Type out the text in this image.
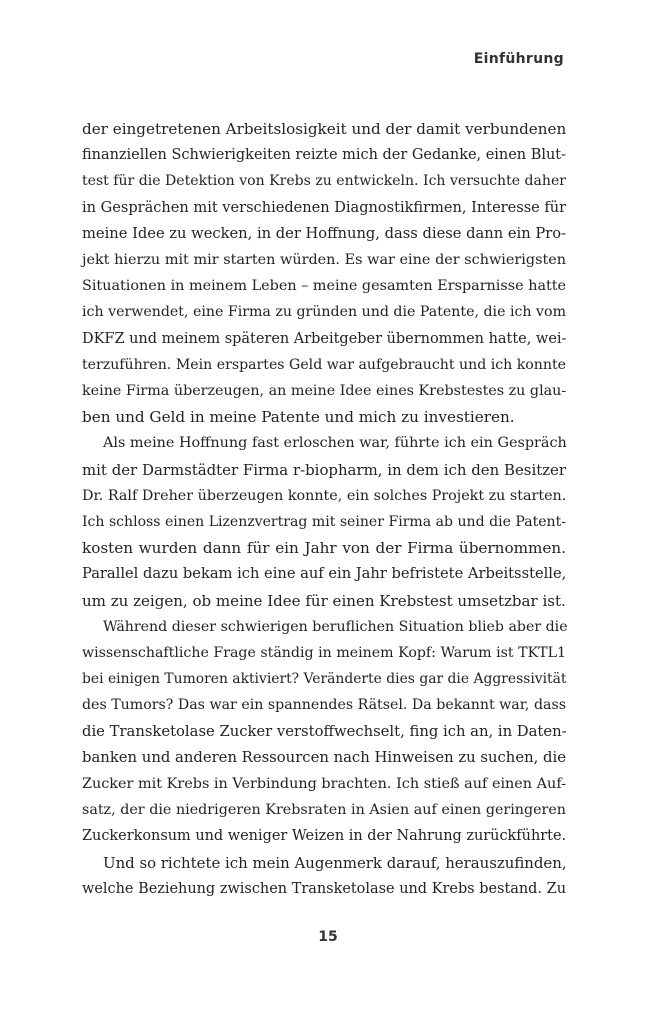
Einführung
der eingetretenen Arbeitslosigkeit und der damit verbundenen
finanziellen Schwierigkeiten reizte mich der Gedanke, einen Blut-
test für die Detektion von Krebs zu entwickeln. Ich versuchte daher
in Gesprächen mit verschiedenen Diagnostikfirmen, Interesse für
meine Idee zu wecken, in der Hoffnung, dass diese dann ein Pro-
jekt hierzu mit mir starten würden. Es war eine der schwierigsten
Situationen in meinem Leben – meine gesamten Ersparnisse hatte
ich verwendet, eine Firma zu gründen und die Patente, die ich vom
DKFZ und meinem späteren Arbeitgeber übernommen hatte, wei-
terzuführen. Mein erspartes Geld war aufgebraucht und ich konnte
keine Firma überzeugen, an meine Idee eines Krebstestes zu glau-
ben und Geld in meine Patente und mich zu investieren.
Als meine Hoffnung fast erloschen war, führte ich ein Gespräch
mit der Darmstädter Firma r-biopharm, in dem ich den Besitzer
Dr. Ralf Dreher überzeugen konnte, ein solches Projekt zu starten.
Ich schloss einen Lizenzvertrag mit seiner Firma ab und die Patent-
kosten wurden dann für ein Jahr von der Firma übernommen.
Parallel dazu bekam ich eine auf ein Jahr befristete Arbeitsstelle,
um zu zeigen, ob meine Idee für einen Krebstest umsetzbar ist.
Während dieser schwierigen beruflichen Situation blieb aber die
wissenschaftliche Frage ständig in meinem Kopf: Warum ist TKTL1
bei einigen Tumoren aktiviert? Veränderte dies gar die Aggressivität
des Tumors? Das war ein spannendes Rätsel. Da bekannt war, dass
die Transketolase Zucker verstoffwechselt, fing ich an, in Daten-
banken und anderen Ressourcen nach Hinweisen zu suchen, die
Zucker mit Krebs in Verbindung brachten. Ich stieß auf einen Auf-
satz, der die niedrigeren Krebsraten in Asien auf einen geringeren
Zuckerkonsum und weniger Weizen in der Nahrung zurückführte.
Und so richtete ich mein Augenmerk darauf, herauszufinden,
welche Beziehung zwischen Transketolase und Krebs bestand. Zu
15
